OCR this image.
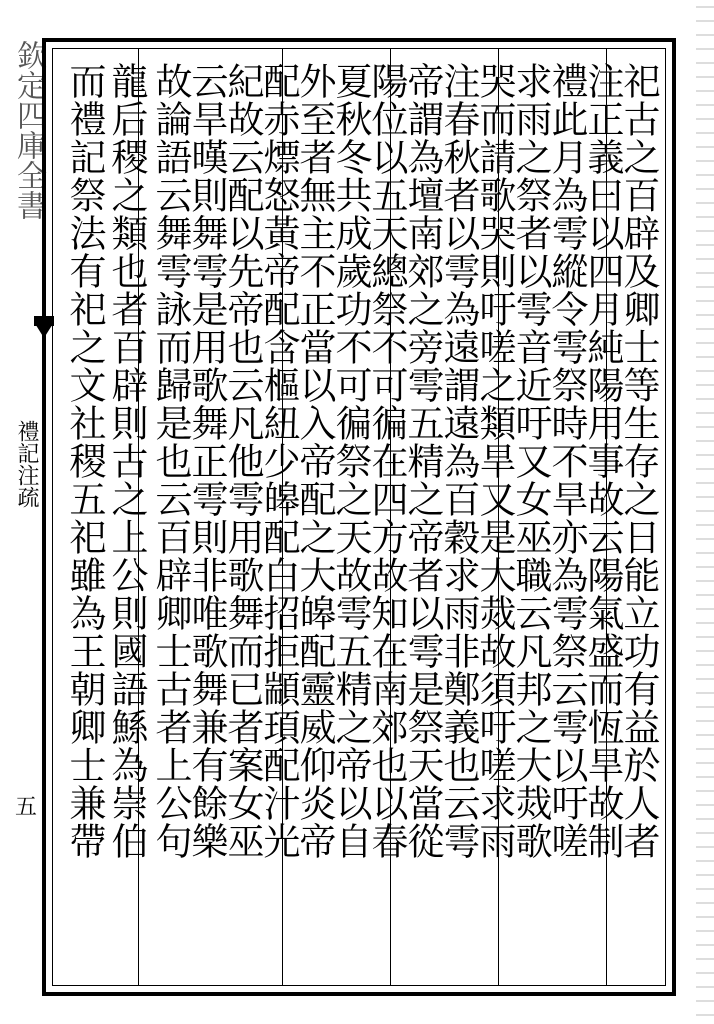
欽定四庫全書
禮記注疏
五	祀古之百辟及卿士等生存之日能立功有益於人者
注正義曰以四月純陽用事故云陽氣盛而恆旱故制
禮此月為雩縱令雩祭時不旱亦為雩祭云雩以吁嗟
求雨之祭者以雩音近吁又女巫職云凡邦之大烖歌
哭而請歌哭則吁嗟之類旱又是大烖故須吁嗟求雨
注春秋者以雩為遠謂遠為百穀求雨非鄭義也云雩
帝謂為壇南郊之旁雩五精之帝者以雩是祭天當從
陽位以五天總祭不可徧在四方故知在南郊也以春
夏秋冬共成歲功不可徧祭之天故雩五精之帝以自
外至者無主不正當以入帝配之大皞配靈威仰炎帝
配赤熛怒黃帝配含樞紐少皞配白招拒顓頊配汁光
紀故云配以先帝也云凡他雩用歌舞而已者案女巫
云旱暵則舞雩是用歌舞正雩則非唯歌舞兼有餘樂
故論語云舞雩詠而歸是也云百辟卿士古者上公句
龍后稷之類也者百辟則古之上公則國語鯀為崇伯
而禮記祭法有祀之文社稷五祀雖為王朝卿士兼帶
